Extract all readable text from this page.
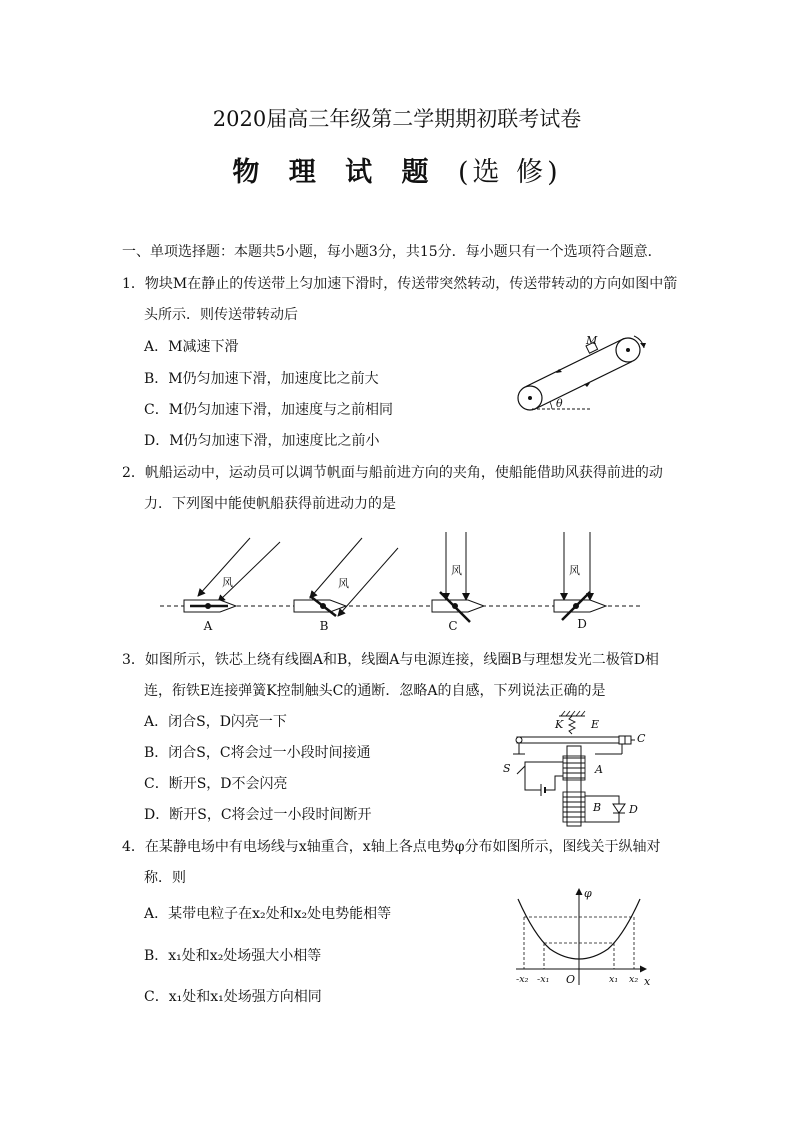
2020届高三年级第二学期期初联考试卷
物 理 试 题 (选 修)
一、单项选择题：本题共5小题，每小题3分，共15分．每小题只有一个选项符合题意．
1．物块M在静止的传送带上匀加速下滑时，传送带突然转动，传送带转动的方向如图中箭
头所示．则传送带转动后
A．M减速下滑
B．M仍匀加速下滑，加速度比之前大
C．M仍匀加速下滑，加速度与之前相同
D．M仍匀加速下滑，加速度比之前小
M
θ
2．帆船运动中，运动员可以调节帆面与船前进方向的夹角，使船能借助风获得前进的动
力．下列图中能使帆船获得前进动力的是
风
A
风
B
风
C
风
D
3．如图所示，铁芯上绕有线圈A和B，线圈A与电源连接，线圈B与理想发光二极管D相
连，衔铁E连接弹簧K控制触头C的通断．忽略A的自感，下列说法正确的是
A．闭合S，D闪亮一下
B．闭合S，C将会过一小段时间接通
C．断开S，D不会闪亮
D．断开S，C将会过一小段时间断开
K	E
C
A
S
B	D
4．在某静电场中有电场线与x轴重合，x轴上各点电势φ分布如图所示，图线关于纵轴对
称．则
A．某带电粒子在x₂处和x₂处电势能相等
B．x₁处和x₂处场强大小相等
C．x₁处和x₁处场强方向相同
φ
x
O
-x₂ -x₁	x₁ x₂
